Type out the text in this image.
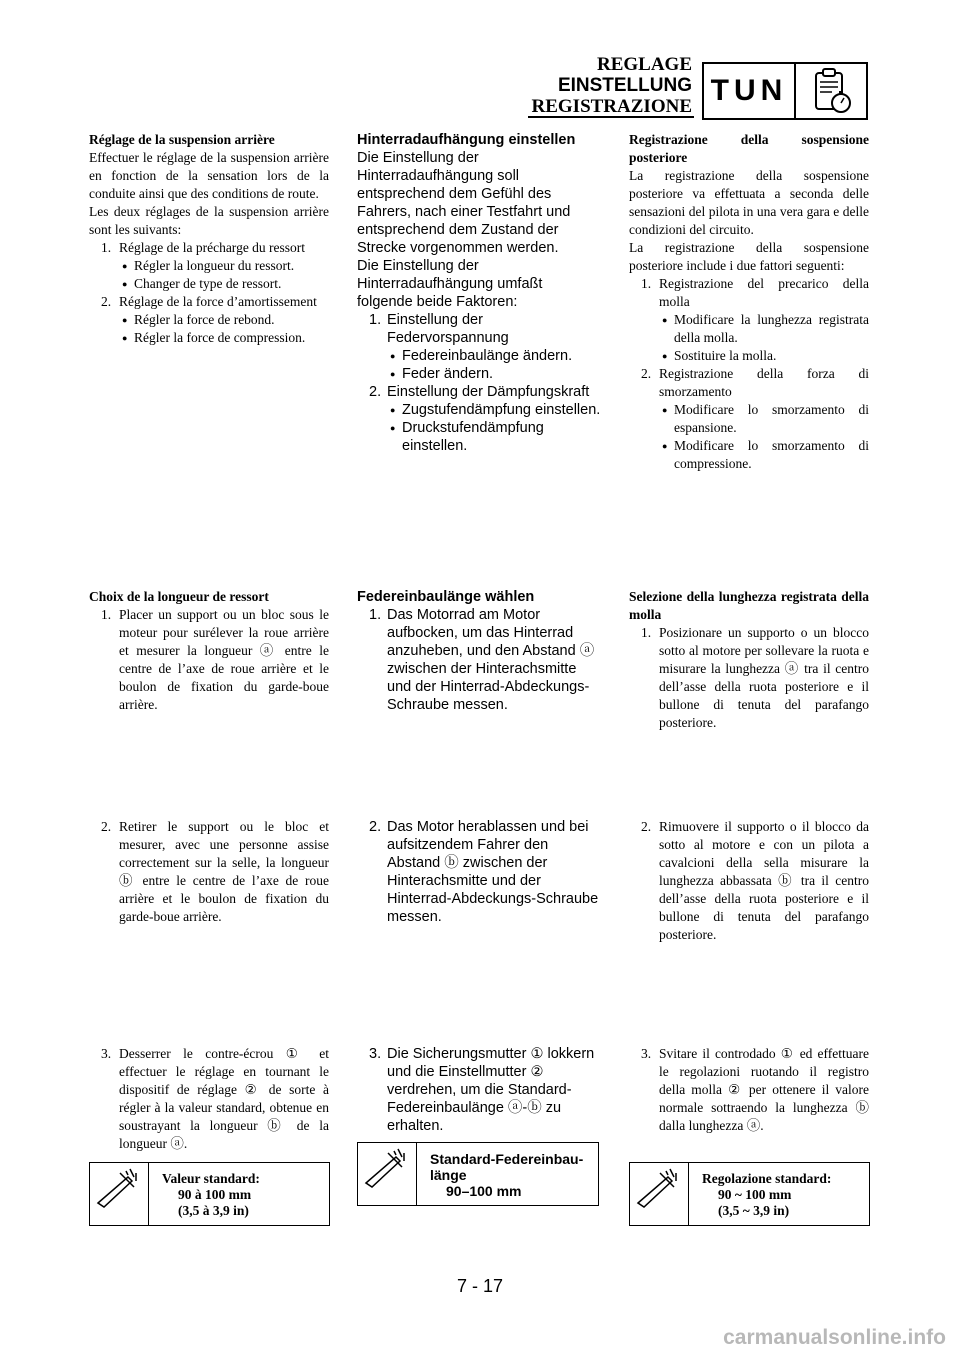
REGLAGE
EINSTELLUNG
REGISTRAZIONE TUN

Réglage de la suspension arrière

Effectuer le réglage de la suspension arrière en fonction de la sensation lors de la conduite ainsi que des conditions de route.

Les deux réglages de la suspension arrière sont les suivants:

1. Réglage de la précharge du ressort

● Régler la longueur du ressort.

● Changer de type de ressort.

2. Réglage de la force d’amortissement

● Régler la force de rebond.

● Régler la force de compression.

Hinterradaufhängung einstellen

Die Einstellung der Hinterradaufhängung soll entsprechend dem Gefühl des Fahrers, nach einer Testfahrt und entsprechend dem Zustand der Strecke vorgenommen werden.

Die Einstellung der Hinterradaufhängung umfaßt folgende beide Faktoren:

1. Einstellung der Federvorspannung

● Federeinbaulänge ändern.

● Feder ändern.

2. Einstellung der Dämpfungskraft

● Zugstufendämpfung einstellen.

● Druckstufendämpfung einstellen.

Registrazione della sospensione posteriore

La registrazione della sospensione posteriore va effettuata a seconda delle sensazioni del pilota in una vera gara e delle condizioni del circuito.

La registrazione della sospensione posteriore include i due fattori seguenti:

1. Registrazione del precarico della molla

● Modificare la lunghezza registrata della molla.

● Sostituire la molla.

2. Registrazione della forza di smorzamento

● Modificare lo smorzamento di espansione.

● Modificare lo smorzamento di compressione.

Choix de la longueur de ressort

1. Placer un support ou un bloc sous le moteur pour surélever la roue arrière et mesurer la longueur ⓐ entre le centre de l’axe de roue arrière et le boulon de fixation du garde-boue arrière.

Federeinbaulänge wählen

1. Das Motorrad am Motor aufbocken, um das Hinterrad anzuheben, und den Abstand ⓐ zwischen der Hinterachsmitte und der Hinterrad-Abdeckungs-Schraube messen.

Selezione della lunghezza registrata della molla

1. Posizionare un supporto o un blocco sotto al motore per sollevare la ruota e misurare la lunghezza ⓐ tra il centro dell’asse della ruota posteriore e il bullone di tenuta del parafango posteriore.

2. Retirer le support ou le bloc et mesurer, avec une personne assise correctement sur la selle, la longueur ⓑ entre le centre de l’axe de roue arrière et le boulon de fixation du garde-boue arrière.

2. Das Motor herablassen und bei aufsitzendem Fahrer den Abstand ⓑ zwischen der Hinterachsmitte und der Hinterrad-Abdeckungs-Schraube messen.

2. Rimuovere il supporto o il blocco da sotto al motore e con un pilota a cavalcioni della sella misurare la lunghezza abbassata ⓑ tra il centro dell’asse della ruota posteriore e il bullone di tenuta del parafango posteriore.

3. Desserrer le contre-écrou ① et effectuer le réglage en tournant le dispositif de réglage ② de sorte à régler à la valeur standard, obtenue en soustrayant la longueur ⓑ de la longueur ⓐ.

3. Die Sicherungsmutter ① lokkern und die Einstellmutter ② verdrehen, um die Standard-Federeinbaulänge ⓐ-ⓑ zu erhalten.

3. Svitare il controdado ① ed effettuare le regolazioni ruotando il registro della molla ② per ottenere il valore normale sottraendo la lunghezza ⓑ dalla lunghezza ⓐ.

Valeur standard:
90 à 100 mm
(3,5 à 3,9 in)
Standard-Federeinbau-
länge
90–100 mm
Regolazione standard:
90 ~ 100 mm
(3,5 ~ 3,9 in)
7 - 17
carmanualsonline.info
